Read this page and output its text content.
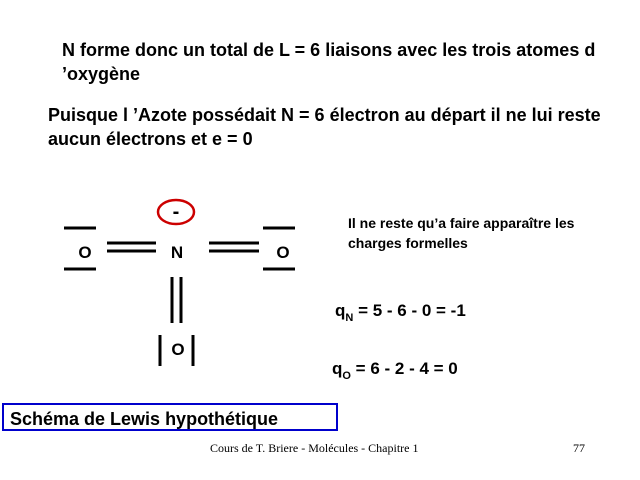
N forme donc un total de L = 6 liaisons avec les trois atomes d ’oxygène
Puisque l ’Azote possédait N = 6 électron au départ il ne lui reste aucun électrons et e = 0
-
O	N	O
O
Il ne reste qu’a faire apparaître les charges formelles
$q_N = 5 - 6 - 0 = -1$
$q_O = 6 - 2 - 4 = 0$
Schéma de Lewis hypothétique
Cours de T. Briere - Molécules - Chapitre 1	77
